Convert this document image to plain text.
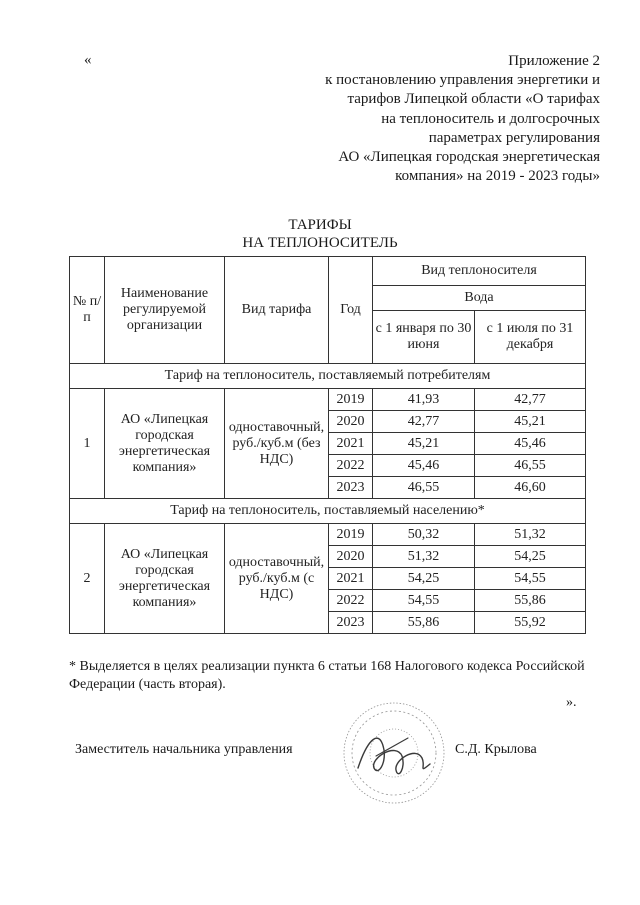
«	Приложение 2
к постановлению управления энергетики и
тарифов Липецкой области «О тарифах
на теплоноситель и долгосрочных
параметрах регулирования
АО «Липецкая городская энергетическая
компания» на 2019 - 2023 годы»
ТАРИФЫ
НА ТЕПЛОНОСИТЕЛЬ
№ п/п	Наименование регулируемой организации	Вид тарифа	Год	Вид теплоносителя	
				Вода	
				с 1 января по 30 июня	с 1 июля по 31 декабря
Тариф на теплоноситель, поставляемый потребителям					
1	АО «Липецкая городская энергетическая компания»	одноставочный, руб./куб.м (без НДС)	2019	41,93	42,77
			2020	42,77	45,21
			2021	45,21	45,46
			2022	45,46	46,55
			2023	46,55	46,60
Тариф на теплоноситель, поставляемый населению*					
2	АО «Липецкая городская энергетическая компания»	одноставочный, руб./куб.м (с НДС)	2019	50,32	51,32
			2020	51,32	54,25
			2021	54,25	54,55
			2022	54,55	55,86
			2023	55,86	55,92
* Выделяется в целях реализации пункта 6 статьи 168 Налогового кодекса Российской Федерации (часть вторая).
».
Заместитель начальника управления	С.Д. Крылова
